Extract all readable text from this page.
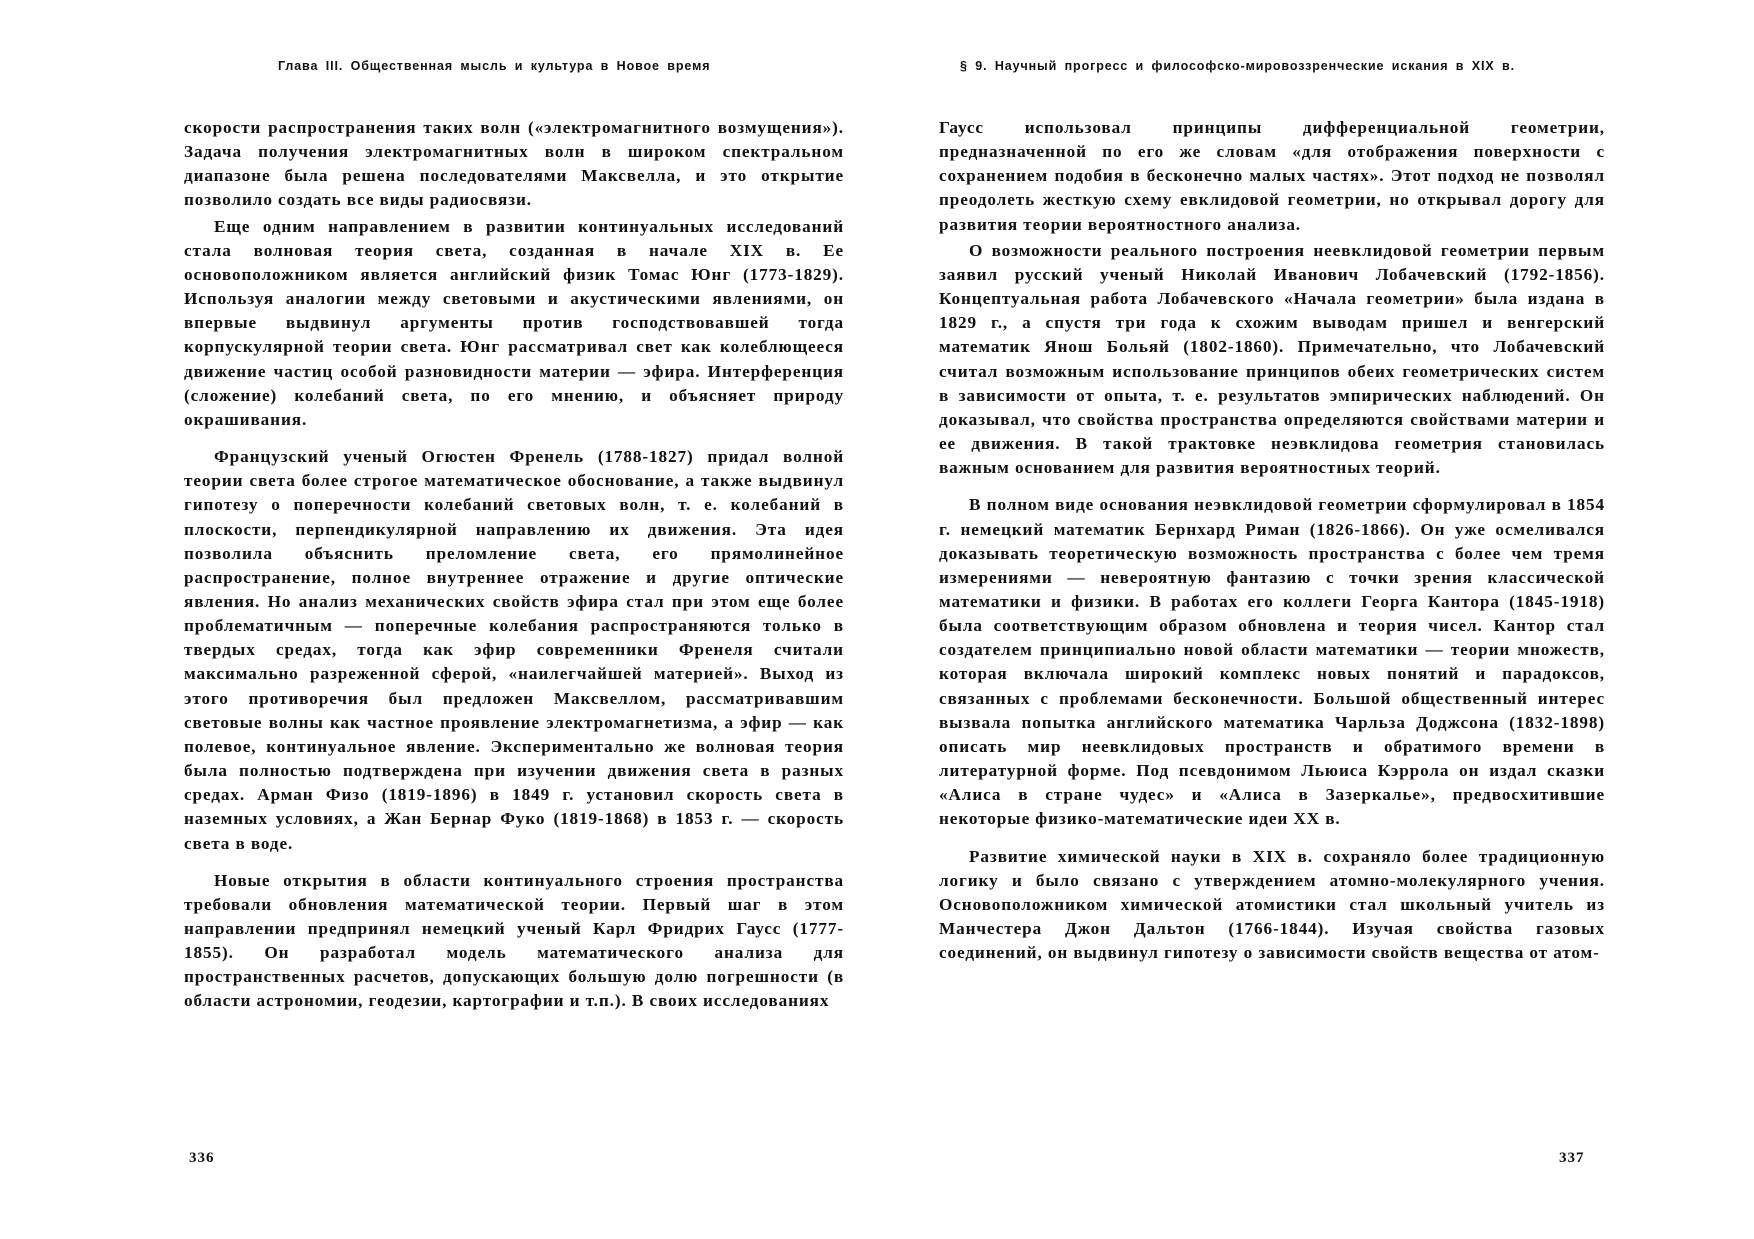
Глава III. Общественная мысль и культура в Новое время

скорости распространения таких волн («электромагнитного возмущения»). Задача получения электромагнитных волн в широком спектральном диапазоне была решена последователями Максвелла, и это открытие позволило создать все виды радиосвязи.

Еще одним направлением в развитии континуальных исследований стала волновая теория света, созданная в начале XIX в. Ее основоположником является английский физик Томас Юнг (1773-1829). Используя аналогии между световыми и акустическими явлениями, он впервые выдвинул аргументы против господствовавшей тогда корпускулярной теории света. Юнг рассматривал свет как колеблющееся движение частиц особой разновидности материи — эфира. Интерференция (сложение) колебаний света, по его мнению, и объясняет природу окрашивания.

Французский ученый Огюстен Френель (1788-1827) придал волной теории света более строгое математическое обоснование, а также выдвинул гипотезу о поперечности колебаний световых волн, т. е. колебаний в плоскости, перпендикулярной направлению их движения. Эта идея позволила объяснить преломление света, его прямолинейное распространение, полное внутреннее отражение и другие оптические явления. Но анализ механических свойств эфира стал при этом еще более проблематичным — поперечные колебания распространяются только в твердых средах, тогда как эфир современники Френеля считали максимально разреженной сферой, «наилегчайшей материей». Выход из этого противоречия был предложен Максвеллом, рассматривавшим световые волны как частное проявление электромагнетизма, а эфир — как полевое, континуальное явление. Экспериментально же волновая теория была полностью подтверждена при изучении движения света в разных средах. Арман Физо (1819-1896) в 1849 г. установил скорость света в наземных условиях, а Жан Бернар Фуко (1819-1868) в 1853 г. — скорость света в воде.

Новые открытия в области континуального строения пространства требовали обновления математической теории. Первый шаг в этом направлении предпринял немецкий ученый Карл Фридрих Гаусс (1777-1855). Он разработал модель математического анализа для пространственных расчетов, допускающих большую долю погрешности (в области астрономии, геодезии, картографии и т.п.). В своих исследованиях

336

§ 9. Научный прогресс и философско-мировоззренческие искания в XIX в.

Гаусс использовал принципы дифференциальной геометрии, предназначенной по его же словам «для отображения поверхности с сохранением подобия в бесконечно малых частях». Этот подход не позволял преодолеть жесткую схему евклидовой геометрии, но открывал дорогу для развития теории вероятностного анализа.

О возможности реального построения неевклидовой геометрии первым заявил русский ученый Николай Иванович Лобачевский (1792-1856). Концептуальная работа Лобачевского «Начала геометрии» была издана в 1829 г., а спустя три года к схожим выводам пришел и венгерский математик Янош Больяй (1802-1860). Примечательно, что Лобачевский считал возможным использование принципов обеих геометрических систем в зависимости от опыта, т. е. результатов эмпирических наблюдений. Он доказывал, что свойства пространства определяются свойствами материи и ее движения. В такой трактовке неэвклидова геометрия становилась важным основанием для развития вероятностных теорий.

В полном виде основания неэвклидовой геометрии сформулировал в 1854 г. немецкий математик Бернхард Риман (1826-1866). Он уже осмеливался доказывать теоретическую возможность пространства с более чем тремя измерениями — невероятную фантазию с точки зрения классической математики и физики. В работах его коллеги Георга Кантора (1845-1918) была соответствующим образом обновлена и теория чисел. Кантор стал создателем принципиально новой области математики — теории множеств, которая включала широкий комплекс новых понятий и парадоксов, связанных с проблемами бесконечности. Большой общественный интерес вызвала попытка английского математика Чарльза Доджсона (1832-1898) описать мир неевклидовых пространств и обратимого времени в литературной форме. Под псевдонимом Льюиса Кэррола он издал сказки «Алиса в стране чудес» и «Алиса в Зазеркалье», предвосхитившие некоторые физико-математические идеи XX в.

Развитие химической науки в XIX в. сохраняло более традиционную логику и было связано с утверждением атомно-молекулярного учения. Основоположником химической атомистики стал школьный учитель из Манчестера Джон Дальтон (1766-1844). Изучая свойства газовых соединений, он выдвинул гипотезу о зависимости свойств вещества от атом-

337
